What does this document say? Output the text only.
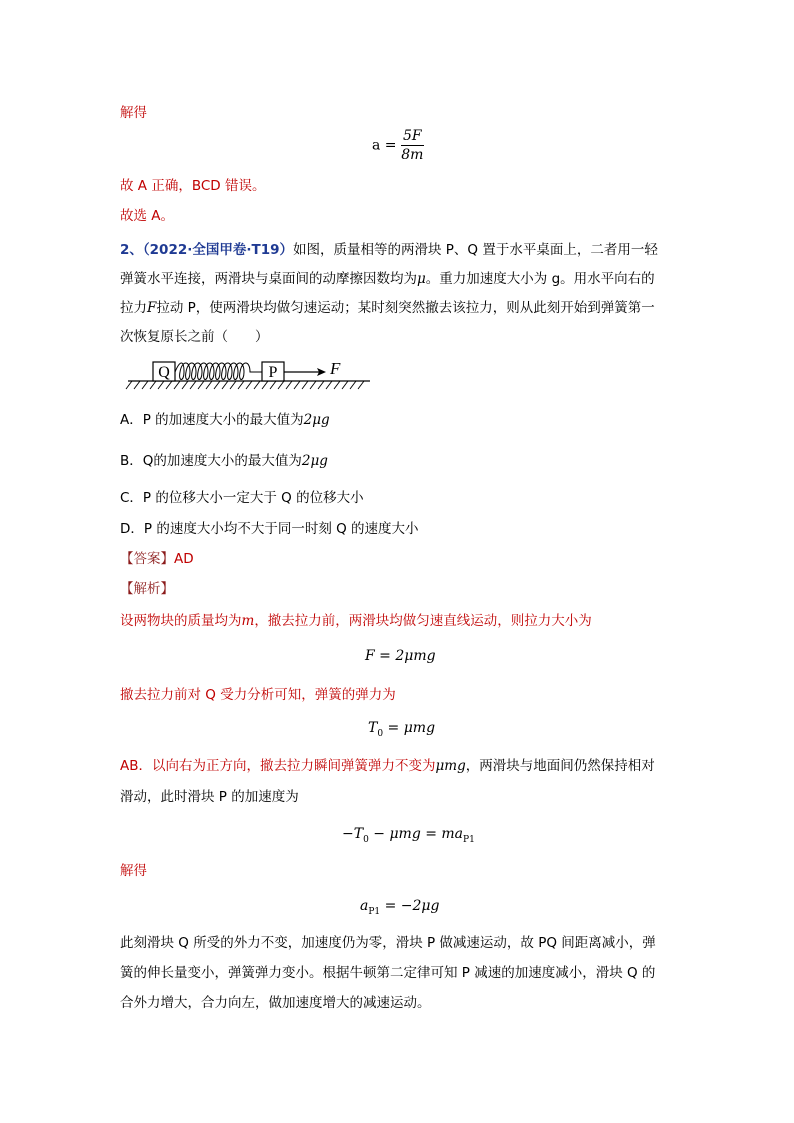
解得
$a = \frac{5F}{8m}$
故 A 正确，BCD 错误。
故选 A。
2、（2022·全国甲卷·T19）如图，质量相等的两滑块 P、Q 置于水平桌面上，二者用一轻
弹簧水平连接，两滑块与桌面间的动摩擦因数均为μ。重力加速度大小为 g。用水平向右的
拉力F拉动 P，使两滑块均做匀速运动；某时刻突然撤去该拉力，则从此刻开始到弹簧第一
次恢复原长之前（　　）
Q	P	F
A．P 的加速度大小的最大值为2μg
B．Q的加速度大小的最大值为2μg
C．P 的位移大小一定大于 Q 的位移大小
D．P 的速度大小均不大于同一时刻 Q 的速度大小
【答案】AD
【解析】
设两物块的质量均为m，撤去拉力前，两滑块均做匀速直线运动，则拉力大小为
F = 2μmg
撤去拉力前对 Q 受力分析可知，弹簧的弹力为
$T_0 = \mu mg$
AB．以向右为正方向，撤去拉力瞬间弹簧弹力不变为μmg，两滑块与地面间仍然保持相对
滑动，此时滑块 P 的加速度为
$-T_0 - \mu mg = ma_{P1}$
解得
$a_{P1} = -2\mu g$
此刻滑块 Q 所受的外力不变，加速度仍为零，滑块 P 做减速运动，故 PQ 间距离减小，弹
簧的伸长量变小，弹簧弹力变小。根据牛顿第二定律可知 P 减速的加速度减小，滑块 Q 的
合外力增大，合力向左，做加速度增大的减速运动。
